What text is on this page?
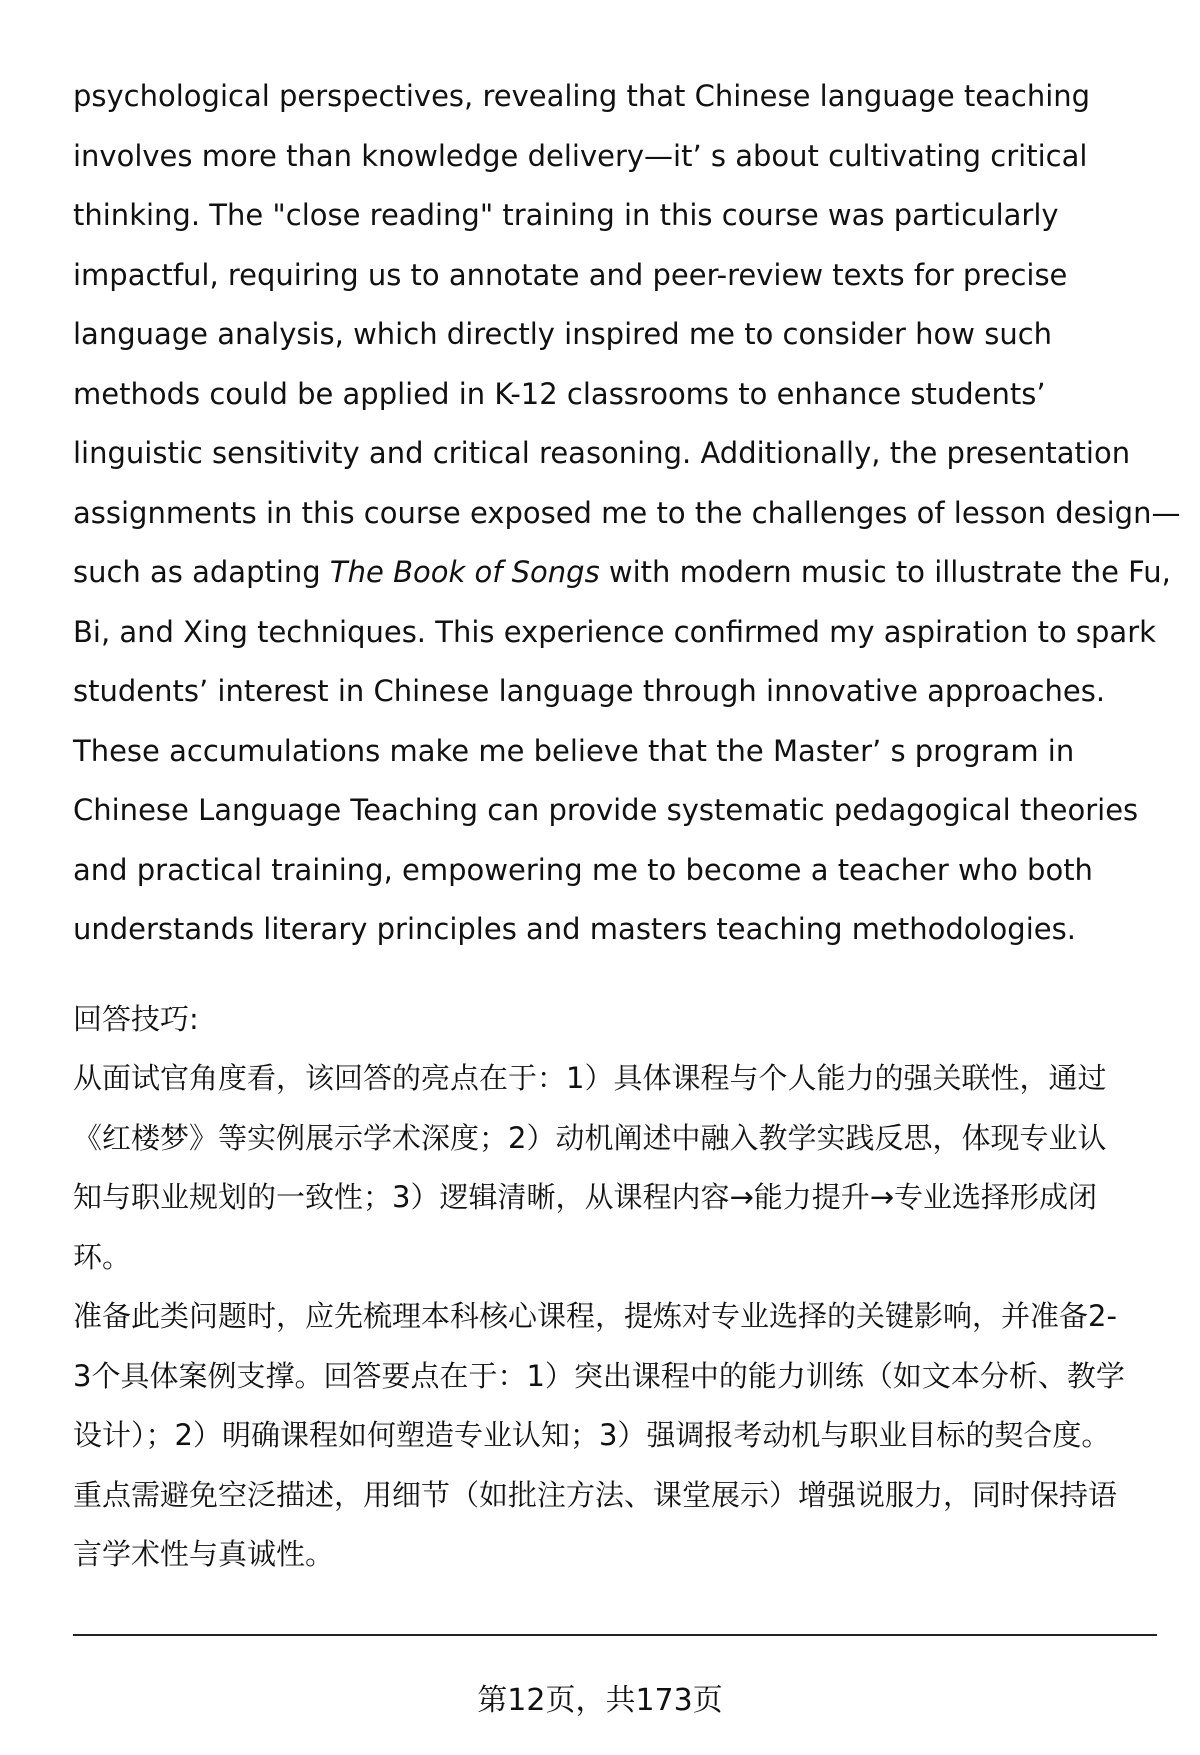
psychological perspectives, revealing that Chinese language teaching
involves more than knowledge delivery—it’ s about cultivating critical
thinking. The "close reading" training in this course was particularly
impactful, requiring us to annotate and peer-review texts for precise
language analysis, which directly inspired me to consider how such
methods could be applied in K-12 classrooms to enhance students’
linguistic sensitivity and critical reasoning. Additionally, the presentation
assignments in this course exposed me to the challenges of lesson design—
such as adapting The Book of Songs with modern music to illustrate the Fu,
Bi, and Xing techniques. This experience confirmed my aspiration to spark
students’ interest in Chinese language through innovative approaches.
These accumulations make me believe that the Master’ s program in
Chinese Language Teaching can provide systematic pedagogical theories
and practical training, empowering me to become a teacher who both
understands literary principles and masters teaching methodologies.
回答技巧:
从面试官角度看，该回答的亮点在于：1）具体课程与个人能力的强关联性，通过
《红楼梦》等实例展示学术深度；2）动机阐述中融入教学实践反思，体现专业认
知与职业规划的一致性；3）逻辑清晰，从课程内容→能力提升→专业选择形成闭
环。
准备此类问题时，应先梳理本科核心课程，提炼对专业选择的关键影响，并准备2-
3个具体案例支撑。回答要点在于：1）突出课程中的能力训练（如文本分析、教学
设计）；2）明确课程如何塑造专业认知；3）强调报考动机与职业目标的契合度。
重点需避免空泛描述，用细节（如批注方法、课堂展示）增强说服力，同时保持语
言学术性与真诚性。
第12页，共173页
